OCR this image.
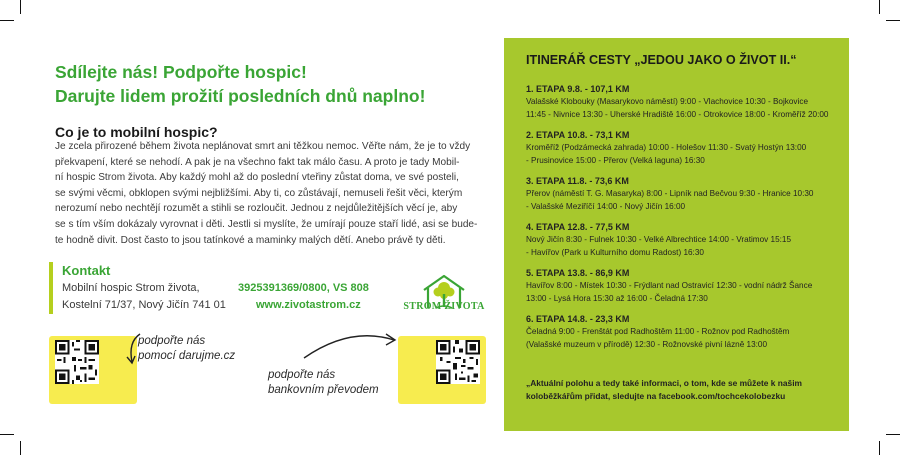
Sdílejte nás! Podpořte hospic!
Darujte lidem prožití posledních dnů naplno!
Co je to mobilní hospic?
Je zcela přirozené během života neplánovat smrt ani těžkou nemoc. Věřte nám, že je to vždy
překvapení, které se nehodí. A pak je na všechno fakt tak málo času. A proto je tady Mobil-
ní hospic Strom života. Aby každý mohl až do poslední vteřiny zůstat doma, ve své posteli,
se svými věcmi, obklopen svými nejbližšími. Aby ti, co zůstávají, nemuseli řešit věci, kterým
nerozumí nebo nechtějí rozumět a stihli se rozloučit. Jednou z nejdůležitějších věcí je, aby
se s tím vším dokázaly vyrovnat i děti. Jestli si myslíte, že umírají pouze staří lidé, asi se bude-
te hodně divit. Dost často to jsou tatínkové a maminky malých dětí. Anebo právě ty děti.
Kontakt
Mobilní hospic Strom života,
Kostelní 71/37, Nový Jičín 741 01
3925391369/0800, VS 808
www.zivotastrom.cz	STROM ŽIVOTA
podpořte nás
pomocí darujme.cz
podpořte nás
bankovním převodem
ITINERÁŘ CESTY „JEDOU JAKO O ŽIVOT II.“
1. ETAPA 9.8. - 107,1 KM
Valašské Klobouky (Masarykovo náměstí) 9:00 - Vlachovice 10:30 - Bojkovice
11:45 - Nivnice 13:30 - Uherské Hradiště 16:00 - Otrokovice 18:00 - Kroměříž 20:00
2. ETAPA 10.8. - 73,1 KM
Kroměříž (Podzámecká zahrada) 10:00 - Holešov 11:30 - Svatý Hostýn 13:00
- Prusinovice 15:00 - Přerov (Velká laguna) 16:30
3. ETAPA 11.8. - 73,6 KM
Přerov (náměstí T. G. Masaryka) 8:00 - Lipník nad Bečvou 9:30 - Hranice 10:30
- Valašské Meziříčí 14:00 - Nový Jičín 16:00
4. ETAPA 12.8. - 77,5 KM
Nový Jičín 8:30 - Fulnek 10:30 - Velké Albrechtice 14:00 - Vratimov 15:15
- Havířov (Park u Kulturního domu Radost) 16:30
5. ETAPA 13.8. - 86,9 KM
Havířov 8:00 - Místek 10:30 - Frýdlant nad Ostravicí 12:30 - vodní nádrž Šance
13:00 - Lysá Hora 15:30 až 16:00 - Čeladná 17:30
6. ETAPA 14.8. - 23,3 KM
Čeladná 9:00 - Frenštát pod Radhoštěm 11:00 - Rožnov pod Radhoštěm
(Valašské muzeum v přírodě) 12:30 - Rožnovské pivní lázně 13:00
„Aktuální polohu a tedy také informaci, o tom, kde se můžete k našim
koloběžkářům přidat, sledujte na facebook.com/tochcekolobezku
